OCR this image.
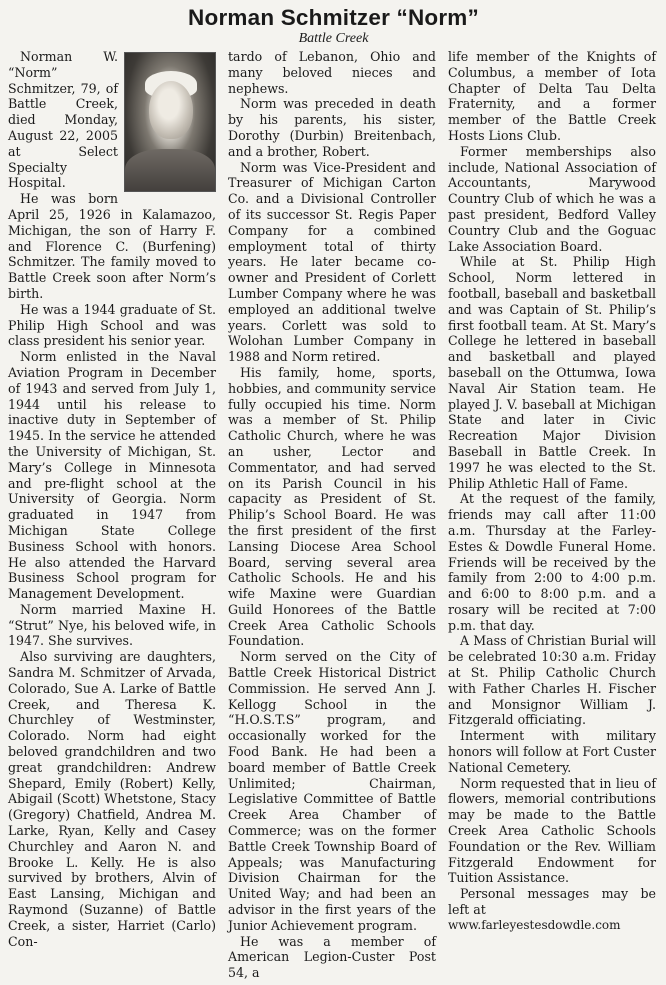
Norman Schmitzer “Norm”
Battle Creek

Norman W. “Norm” Schmitzer, 79, of Battle Creek, died Monday, August 22, 2005 at Select Specialty Hospital.

He was born April 25, 1926 in Kalamazoo, Michigan, the son of Harry F. and Florence C. (Burfening) Schmitzer. The family moved to Battle Creek soon after Norm’s birth.

He was a 1944 graduate of St. Philip High School and was class president his senior year.

Norm enlisted in the Naval Aviation Program in December of 1943 and served from July 1, 1944 until his release to inactive duty in September of 1945. In the service he attended the University of Michigan, St. Mary’s College in Minnesota and pre-flight school at the University of Georgia. Norm graduated in 1947 from Michigan State College Business School with honors. He also attended the Harvard Business School program for Management Development.

Norm married Maxine H. “Strut” Nye, his beloved wife, in 1947. She survives.

Also surviving are daughters, Sandra M. Schmitzer of Arvada, Colorado, Sue A. Larke of Battle Creek, and Theresa K. Churchley of Westminster, Colorado. Norm had eight beloved grandchildren and two great grandchildren: Andrew Shepard, Emily (Robert) Kelly, Abigail (Scott) Whetstone, Stacy (Gregory) Chatfield, Andrea M. Larke, Ryan, Kelly and Casey Churchley and Aaron N. and Brooke L. Kelly. He is also survived by brothers, Alvin of East Lansing, Michigan and Raymond (Suzanne) of Battle Creek, a sister, Harriet (Carlo) Con-

tardo of Lebanon, Ohio and many beloved nieces and nephews.

Norm was preceded in death by his parents, his sister, Dorothy (Durbin) Breitenbach, and a brother, Robert.

Norm was Vice-President and Treasurer of Michigan Carton Co. and a Divisional Controller of its successor St. Regis Paper Company for a combined employment total of thirty years. He later became co-owner and President of Corlett Lumber Company where he was employed an additional twelve years. Corlett was sold to Wolohan Lumber Company in 1988 and Norm retired.

His family, home, sports, hobbies, and community service fully occupied his time. Norm was a member of St. Philip Catholic Church, where he was an usher, Lector and Commentator, and had served on its Parish Council in his capacity as President of St. Philip’s School Board. He was the first president of the first Lansing Diocese Area School Board, serving several area Catholic Schools. He and his wife Maxine were Guardian Guild Honorees of the Battle Creek Area Catholic Schools Foundation.

Norm served on the City of Battle Creek Historical District Commission. He served Ann J. Kellogg School in the “H.O.S.T.S” program, and occasionally worked for the Food Bank. He had been a board member of Battle Creek Unlimited; Chairman, Legislative Committee of Battle Creek Area Chamber of Commerce; was on the former Battle Creek Township Board of Appeals; was Manufacturing Division Chairman for the United Way; and had been an advisor in the first years of the Junior Achievement program.

He was a member of American Legion-Custer Post 54, a

life member of the Knights of Columbus, a member of Iota Chapter of Delta Tau Delta Fraternity, and a former member of the Battle Creek Hosts Lions Club.

Former memberships also include, National Association of Accountants, Marywood Country Club of which he was a past president, Bedford Valley Country Club and the Goguac Lake Association Board.

While at St. Philip High School, Norm lettered in football, baseball and basketball and was Captain of St. Philip’s first football team. At St. Mary’s College he lettered in baseball and basketball and played baseball on the Ottumwa, Iowa Naval Air Station team. He played J. V. baseball at Michigan State and later in Civic Recreation Major Division Baseball in Battle Creek. In 1997 he was elected to the St. Philip Athletic Hall of Fame.

At the request of the family, friends may call after 11:00 a.m. Thursday at the Farley-Estes & Dowdle Funeral Home. Friends will be received by the family from 2:00 to 4:00 p.m. and 6:00 to 8:00 p.m. and a rosary will be recited at 7:00 p.m. that day.

A Mass of Christian Burial will be celebrated 10:30 a.m. Friday at St. Philip Catholic Church with Father Charles H. Fischer and Monsignor William J. Fitzgerald officiating.

Interment with military honors will follow at Fort Custer National Cemetery.

Norm requested that in lieu of flowers, memorial contributions may be made to the Battle Creek Area Catholic Schools Foundation or the Rev. William Fitzgerald Endowment for Tuition Assistance.

Personal messages may be left at

www.farleyestesdowdle.com
